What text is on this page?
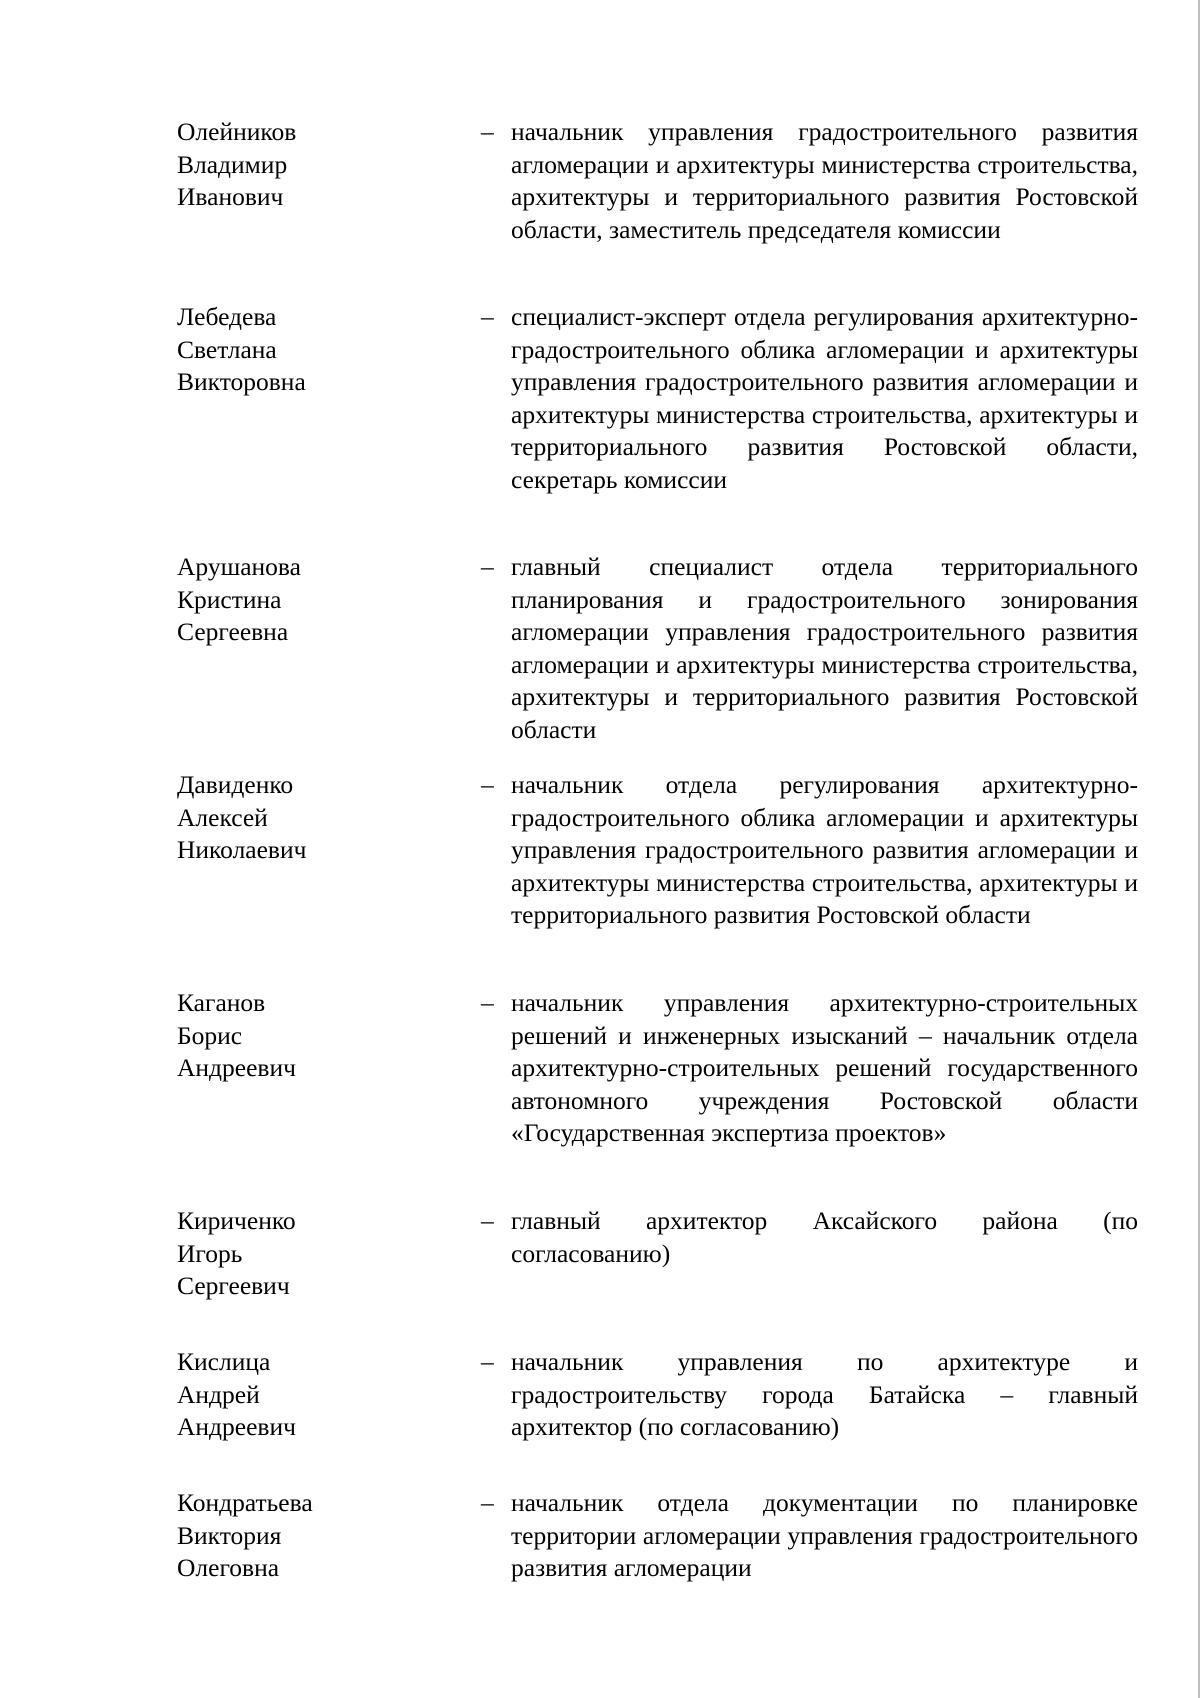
Олейников
Владимир
Иванович
– начальник управления градостроительного развития агломерации и архитектуры министерства строительства, архитектуры и территориального развития Ростовской области, заместитель председателя комиссии
Лебедева
Светлана
Викторовна
– специалист-эксперт отдела регулирования архитектурно-градостроительного облика агломерации и архитектуры управления градостроительного развития агломерации и архитектуры министерства строительства, архитектуры и территориального развития Ростовской области, секретарь комиссии
Арушанова
Кристина
Сергеевна
– главный специалист отдела территориального планирования и градостроительного зонирования агломерации управления градостроительного развития агломерации и архитектуры министерства строительства, архитектуры и территориального развития Ростовской области
Давиденко
Алексей
Николаевич
– начальник отдела регулирования архитектурно-градостроительного облика агломерации и архитектуры управления градостроительного развития агломерации и архитектуры министерства строительства, архитектуры и территориального развития Ростовской области
Каганов
Борис
Андреевич
– начальник управления архитектурно-строительных решений и инженерных изысканий – начальник отдела архитектурно-строительных решений государственного автономного учреждения Ростовской области «Государственная экспертиза проектов»
Кириченко
Игорь
Сергеевич
– главный архитектор Аксайского района (по согласованию)
Кислица
Андрей
Андреевич
– начальник управления по архитектуре и градостроительству города Батайска – главный архитектор (по согласованию)
Кондратьева
Виктория
Олеговна
– начальник отдела документации по планировке территории агломерации управления градостроительного развития агломерации
